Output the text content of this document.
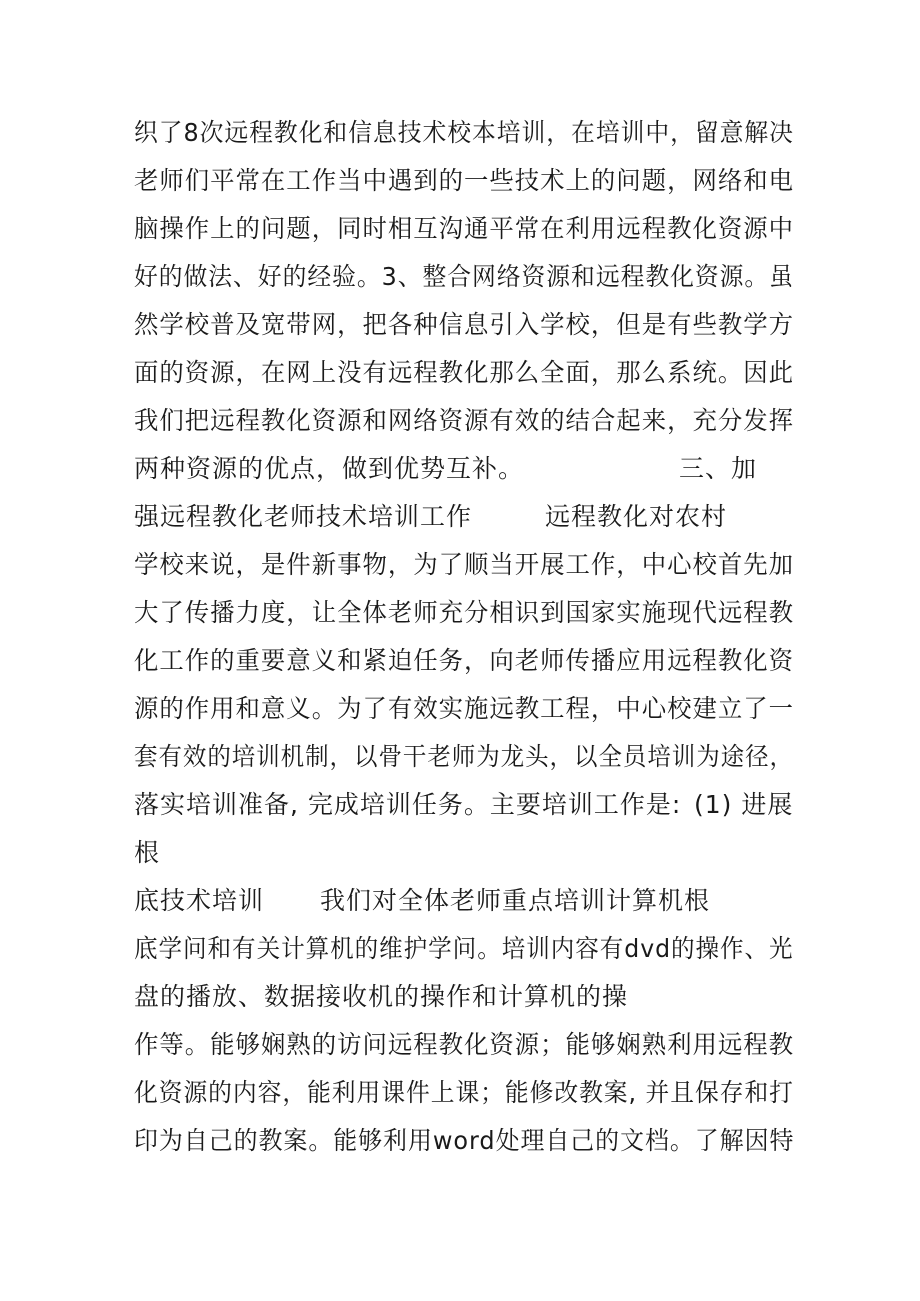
织了8次远程教化和信息技术校本培训，在培训中，留意解决
老师们平常在工作当中遇到的一些技术上的问题，网络和电
脑操作上的问题，同时相互沟通平常在利用远程教化资源中
好的做法、好的经验。3、整合网络资源和远程教化资源。虽
然学校普及宽带网，把各种信息引入学校，但是有些教学方
面的资源，在网上没有远程教化那么全面，那么系统。因此
我们把远程教化资源和网络资源有效的结合起来，充分发挥

两种资源的优点，做到优势互补。

	三、加

强远程教化老师技术培训工作

	远程教化对农村

学校来说，是件新事物，为了顺当开展工作，中心校首先加
大了传播力度，让全体老师充分相识到国家实施现代远程教
化工作的重要意义和紧迫任务，向老师传播应用远程教化资
源的作用和意义。为了有效实施远教工程，中心校建立了一
套有效的培训机制，以骨干老师为龙头，以全员培训为途径，

落实培训准备, 完成培训任务。主要培训工作是:

(1) 进展

根

底技术培训

我们对全体老师重点培训计算机根

底学问和有关计算机的维护学问。培训内容有dvd的操作、光
盘的播放、数据接收机的操作和计算机的操
作等。能够娴熟的访问远程教化资源；能够娴熟利用远程教
化资源的内容，能利用课件上课；能修改教案, 并且保存和打
印为自己的教案。能够利用word处理自己的文档。了解因特
